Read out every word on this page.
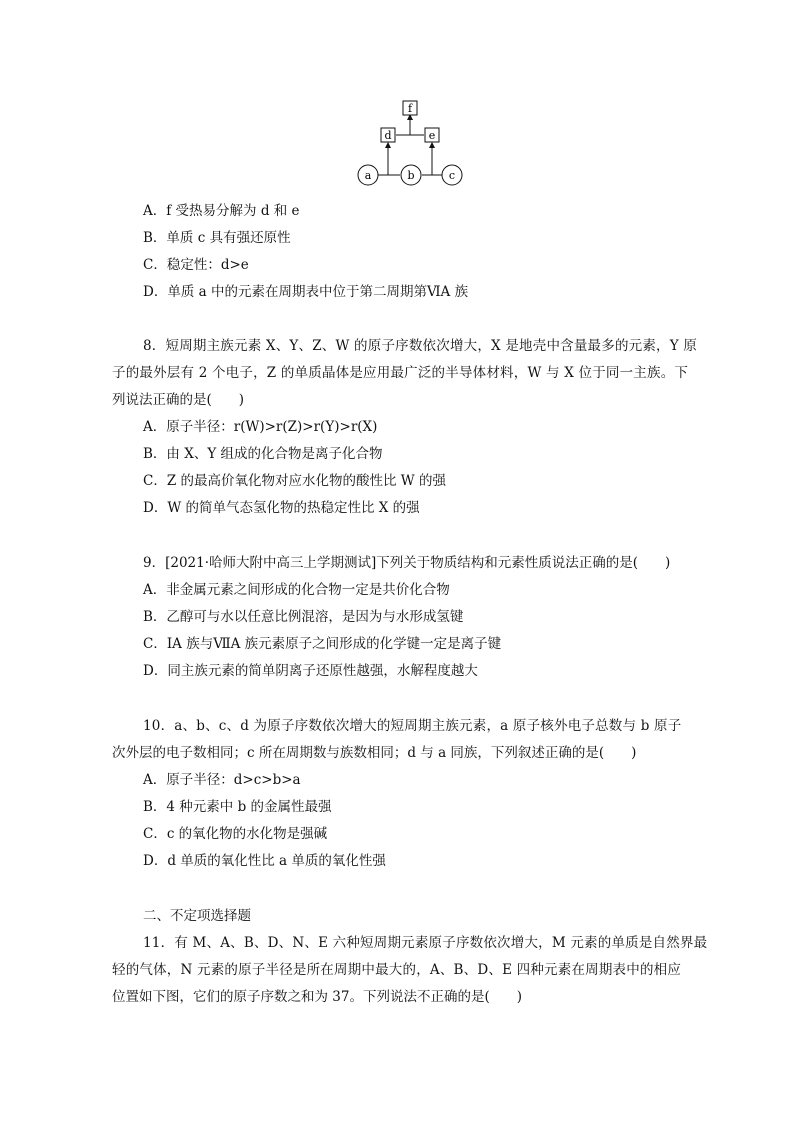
f
d	e
a	b	c
A．f 受热易分解为 d 和 e
B．单质 c 具有强还原性
C．稳定性：d>e
D．单质 a 中的元素在周期表中位于第二周期第ⅥA 族
8．短周期主族元素 X、Y、Z、W 的原子序数依次增大，X 是地壳中含量最多的元素，Y 原
子的最外层有 2 个电子，Z 的单质晶体是应用最广泛的半导体材料，W 与 X 位于同一主族。下
列说法正确的是(　　)
A．原子半径：r(W)>r(Z)>r(Y)>r(X)
B．由 X、Y 组成的化合物是离子化合物
C．Z 的最高价氧化物对应水化物的酸性比 W 的强
D．W 的简单气态氢化物的热稳定性比 X 的强
9．[2021·哈师大附中高三上学期测试]下列关于物质结构和元素性质说法正确的是(　　)
A．非金属元素之间形成的化合物一定是共价化合物
B．乙醇可与水以任意比例混溶，是因为与水形成氢键
C．ⅠA 族与ⅦA 族元素原子之间形成的化学键一定是离子键
D．同主族元素的简单阴离子还原性越强，水解程度越大
10．a、b、c、d 为原子序数依次增大的短周期主族元素，a 原子核外电子总数与 b 原子
次外层的电子数相同；c 所在周期数与族数相同；d 与 a 同族，下列叙述正确的是(　　)
A．原子半径：d>c>b>a
B．4 种元素中 b 的金属性最强
C．c 的氧化物的水化物是强碱
D．d 单质的氧化性比 a 单质的氧化性强
二、不定项选择题
11．有 M、A、B、D、N、E 六种短周期元素原子序数依次增大，M 元素的单质是自然界最
轻的气体，N 元素的原子半径是所在周期中最大的，A、B、D、E 四种元素在周期表中的相应
位置如下图，它们的原子序数之和为 37。下列说法不正确的是(　　)
